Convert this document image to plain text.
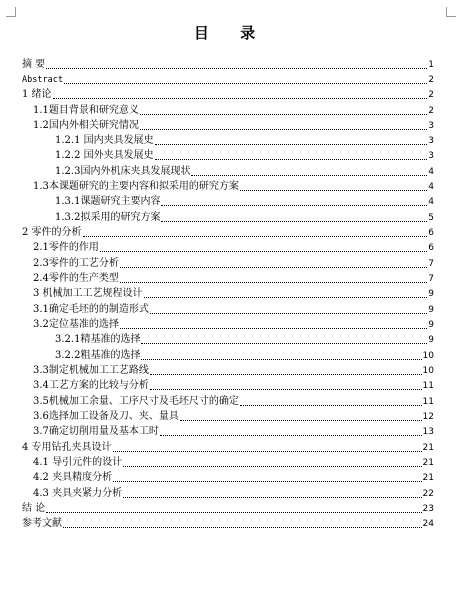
目 录
摘 要	1
Abstract	2
1 绪论	2
1.1题目背景和研究意义	2
1.2国内外相关研究情况	3
1.2.1 国内夹具发展史	3
1.2.2 国外夹具发展史	3
1.2.3国内外机床夹具发展现状	4
1.3本课题研究的主要内容和拟采用的研究方案	4
1.3.1课题研究主要内容	4
1.3.2拟采用的研究方案	5
2 零件的分析	6
2.1零件的作用	6
2.3零件的工艺分析	7
2.4零件的生产类型	7
3 机械加工工艺规程设计	9
3.1确定毛坯的的制造形式	9
3.2定位基准的选择	9
3.2.1精基准的选择	9
3.2.2粗基准的选择	10
3.3制定机械加工工艺路线	10
3.4工艺方案的比较与分析	11
3.5机械加工余量、工序尺寸及毛坯尺寸的确定	11
3.6选择加工设备及刀、夹、量具	12
3.7确定切削用量及基本工时	13
4 专用钻孔夹具设计	21
4.1 导引元件的设计	21
4.2 夹具精度分析	21
4.3 夹具夹紧力分析	22
结 论	23
参考文献	24
